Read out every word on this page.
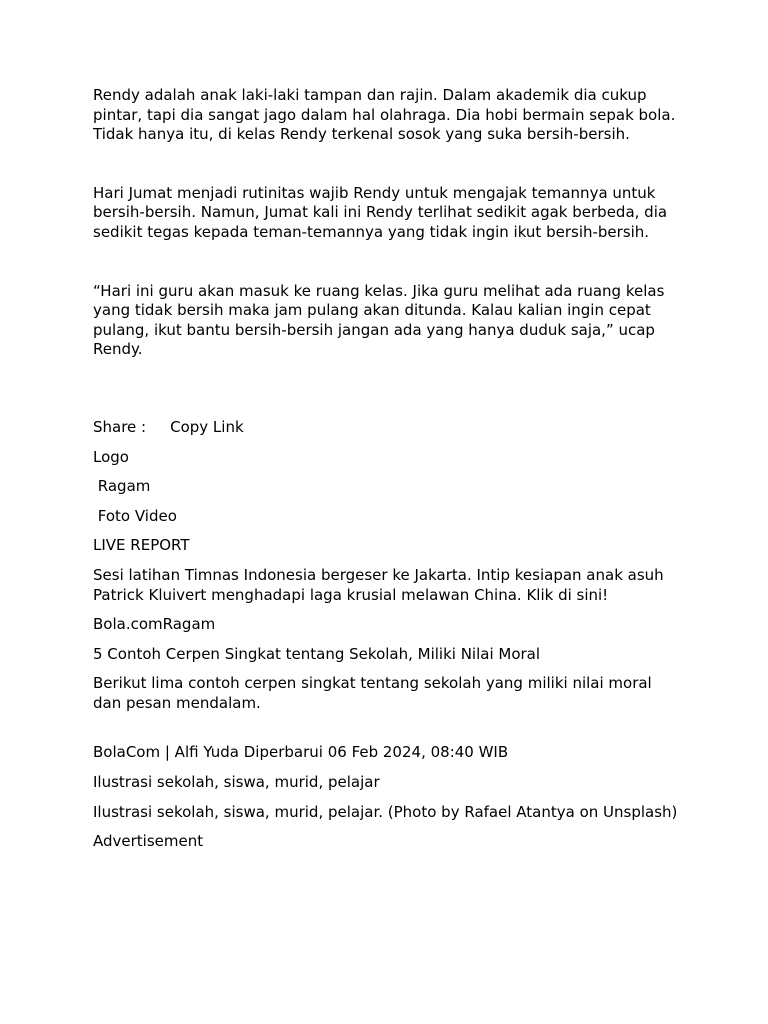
Rendy adalah anak laki-laki tampan dan rajin. Dalam akademik dia cukup pintar, tapi dia sangat jago dalam hal olahraga. Dia hobi bermain sepak bola. Tidak hanya itu, di kelas Rendy terkenal sosok yang suka bersih-bersih.

Hari Jumat menjadi rutinitas wajib Rendy untuk mengajak temannya untuk bersih-bersih. Namun, Jumat kali ini Rendy terlihat sedikit agak berbeda, dia sedikit tegas kepada teman-temannya yang tidak ingin ikut bersih-bersih.

“Hari ini guru akan masuk ke ruang kelas. Jika guru melihat ada ruang kelas yang tidak bersih maka jam pulang akan ditunda. Kalau kalian ingin cepat pulang, ikut bantu bersih-bersih jangan ada yang hanya duduk saja,” ucap Rendy.

Share : Copy Link

Logo

Ragam

Foto Video

LIVE REPORT

Sesi latihan Timnas Indonesia bergeser ke Jakarta. Intip kesiapan anak asuh Patrick Kluivert menghadapi laga krusial melawan China. Klik di sini!

Bola.comRagam

5 Contoh Cerpen Singkat tentang Sekolah, Miliki Nilai Moral

Berikut lima contoh cerpen singkat tentang sekolah yang miliki nilai moral dan pesan mendalam.

BolaCom | Alfi Yuda Diperbarui 06 Feb 2024, 08:40 WIB

Ilustrasi sekolah, siswa, murid, pelajar

Ilustrasi sekolah, siswa, murid, pelajar. (Photo by Rafael Atantya on Unsplash)

Advertisement
